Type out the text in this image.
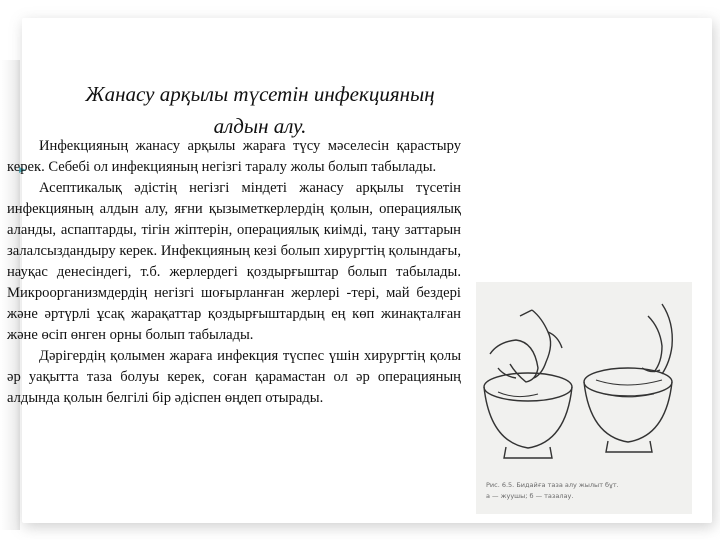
Жанасу арқылы түсетін инфекцияның
алдын алу.

Инфекцияның жанасу арқылы жараға түсу мәселесін қарастыру керек. Себебі ол инфекцияның негізгі таралу жолы болып табылады.

Асептикалық әдістің негізгі міндеті жанасу арқылы түсетін инфекцияның алдын алу, яғни қызыметкерлердің қолын, операциялық аланды, аспаптарды, тігін жіптерін, операциялық киімді, таңу заттарын залалсыздандыру керек. Инфекцияның кезі болып хирургтің қолындағы, науқас денесіндегі, т.б. жерлердегі қоздырғыштар болып табылады. Микроорганизмдердің негізгі шоғырланған жерлері -тері, май бездері және әртүрлі ұсақ жарақаттар қоздырғыштардың ең көп жинақталған және өсіп өнген орны болып табылады.

Дәрігердің қолымен жараға инфекция түспес үшін хирургтің қолы әр уақытта таза болуы керек, соған қарамастан ол әр операцияның алдында қолын белгілі бір әдіспен өңдеп отырады.

Рис. 6.5. Бидайға таза алу жылыт бұт.
а — жуушы; б — тазалау.
